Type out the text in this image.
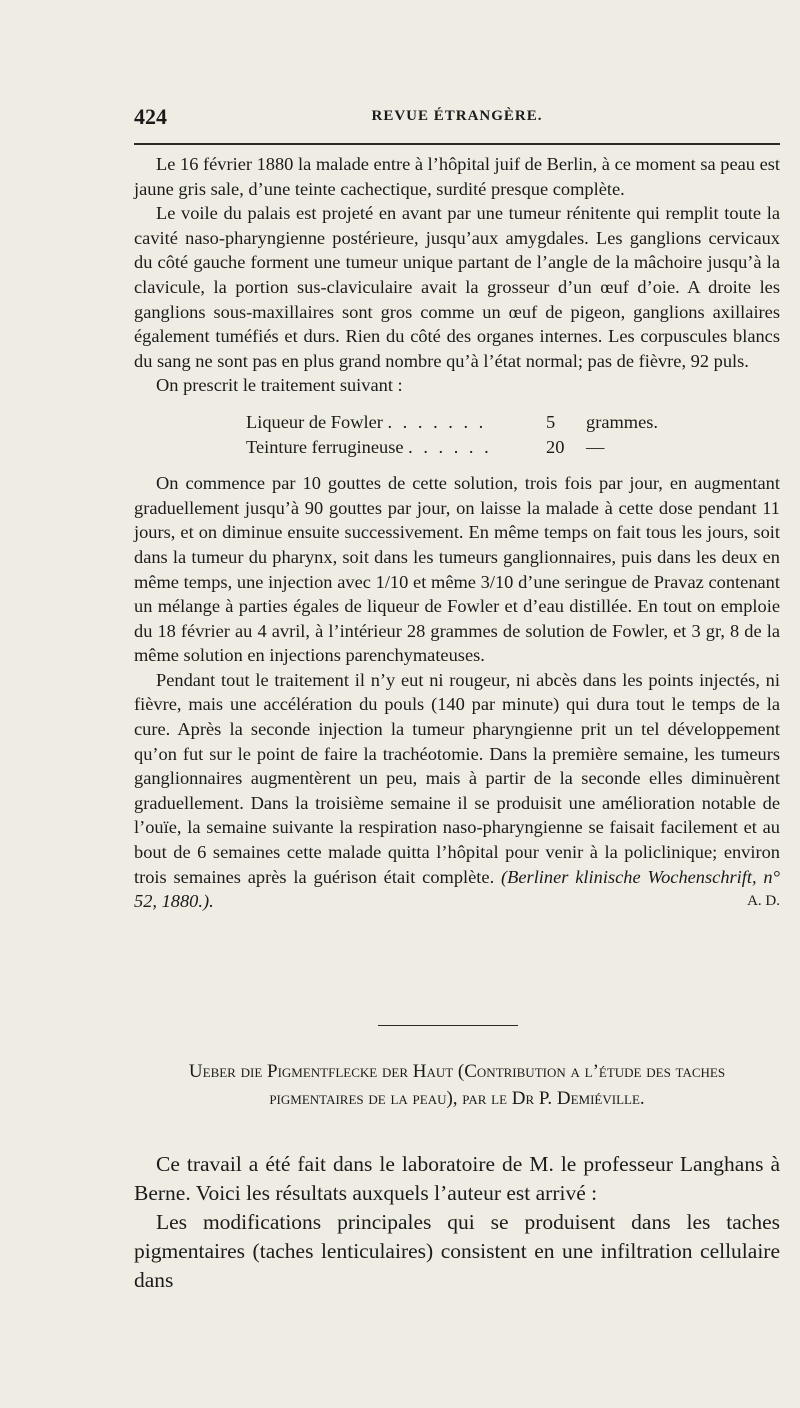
424	REVUE ÉTRANGÈRE.

Le 16 février 1880 la malade entre à l’hôpital juif de Berlin, à ce moment sa peau est jaune gris sale, d’une teinte cachectique, surdité presque complète.

Le voile du palais est projeté en avant par une tumeur rénitente qui remplit toute la cavité naso-pharyngienne postérieure, jusqu’aux amygdales. Les ganglions cervicaux du côté gauche forment une tumeur unique partant de l’angle de la mâchoire jusqu’à la clavicule, la portion sus-claviculaire avait la grosseur d’un œuf d’oie. A droite les ganglions sous-maxillaires sont gros comme un œuf de pigeon, ganglions axillaires également tuméfiés et durs. Rien du côté des organes internes. Les corpuscules blancs du sang ne sont pas en plus grand nombre qu’à l’état normal; pas de fièvre, 92 puls.

On prescrit le traitement suivant :

Liqueur de Fowler . . . . . . .	5	grammes.
Teinture ferrugineuse . . . . . .	20	—

On commence par 10 gouttes de cette solution, trois fois par jour, en augmentant graduellement jusqu’à 90 gouttes par jour, on laisse la malade à cette dose pendant 11 jours, et on diminue ensuite successivement. En même temps on fait tous les jours, soit dans la tumeur du pharynx, soit dans les tumeurs ganglionnaires, puis dans les deux en même temps, une injection avec 1/10 et même 3/10 d’une seringue de Pravaz contenant un mélange à parties égales de liqueur de Fowler et d’eau distillée. En tout on emploie du 18 février au 4 avril, à l’intérieur 28 grammes de solution de Fowler, et 3 gr, 8 de la même solution en injections parenchymateuses.

Pendant tout le traitement il n’y eut ni rougeur, ni abcès dans les points injectés, ni fièvre, mais une accélération du pouls (140 par minute) qui dura tout le temps de la cure. Après la seconde injection la tumeur pharyngienne prit un tel développement qu’on fut sur le point de faire la trachéotomie. Dans la première semaine, les tumeurs ganglionnaires augmentèrent un peu, mais à partir de la seconde elles diminuèrent graduellement. Dans la troisième semaine il se produisit une amélioration notable de l’ouïe, la semaine suivante la respiration naso-pharyngienne se faisait facilement et au bout de 6 semaines cette malade quitta l’hôpital pour venir à la policlinique; environ trois semaines après la guérison était complète. (Berliner klinische Wochenschrift, n° 52, 1880.).	A. D.

Ueber die Pigmentflecke der Haut (Contribution a l’étude des taches
pigmentaires de la peau), par le Dr P. Demiéville.

Ce travail a été fait dans le laboratoire de M. le professeur Langhans à Berne. Voici les résultats auxquels l’auteur est arrivé :

Les modifications principales qui se produisent dans les taches pigmentaires (taches lenticulaires) consistent en une infiltration cellulaire dans
